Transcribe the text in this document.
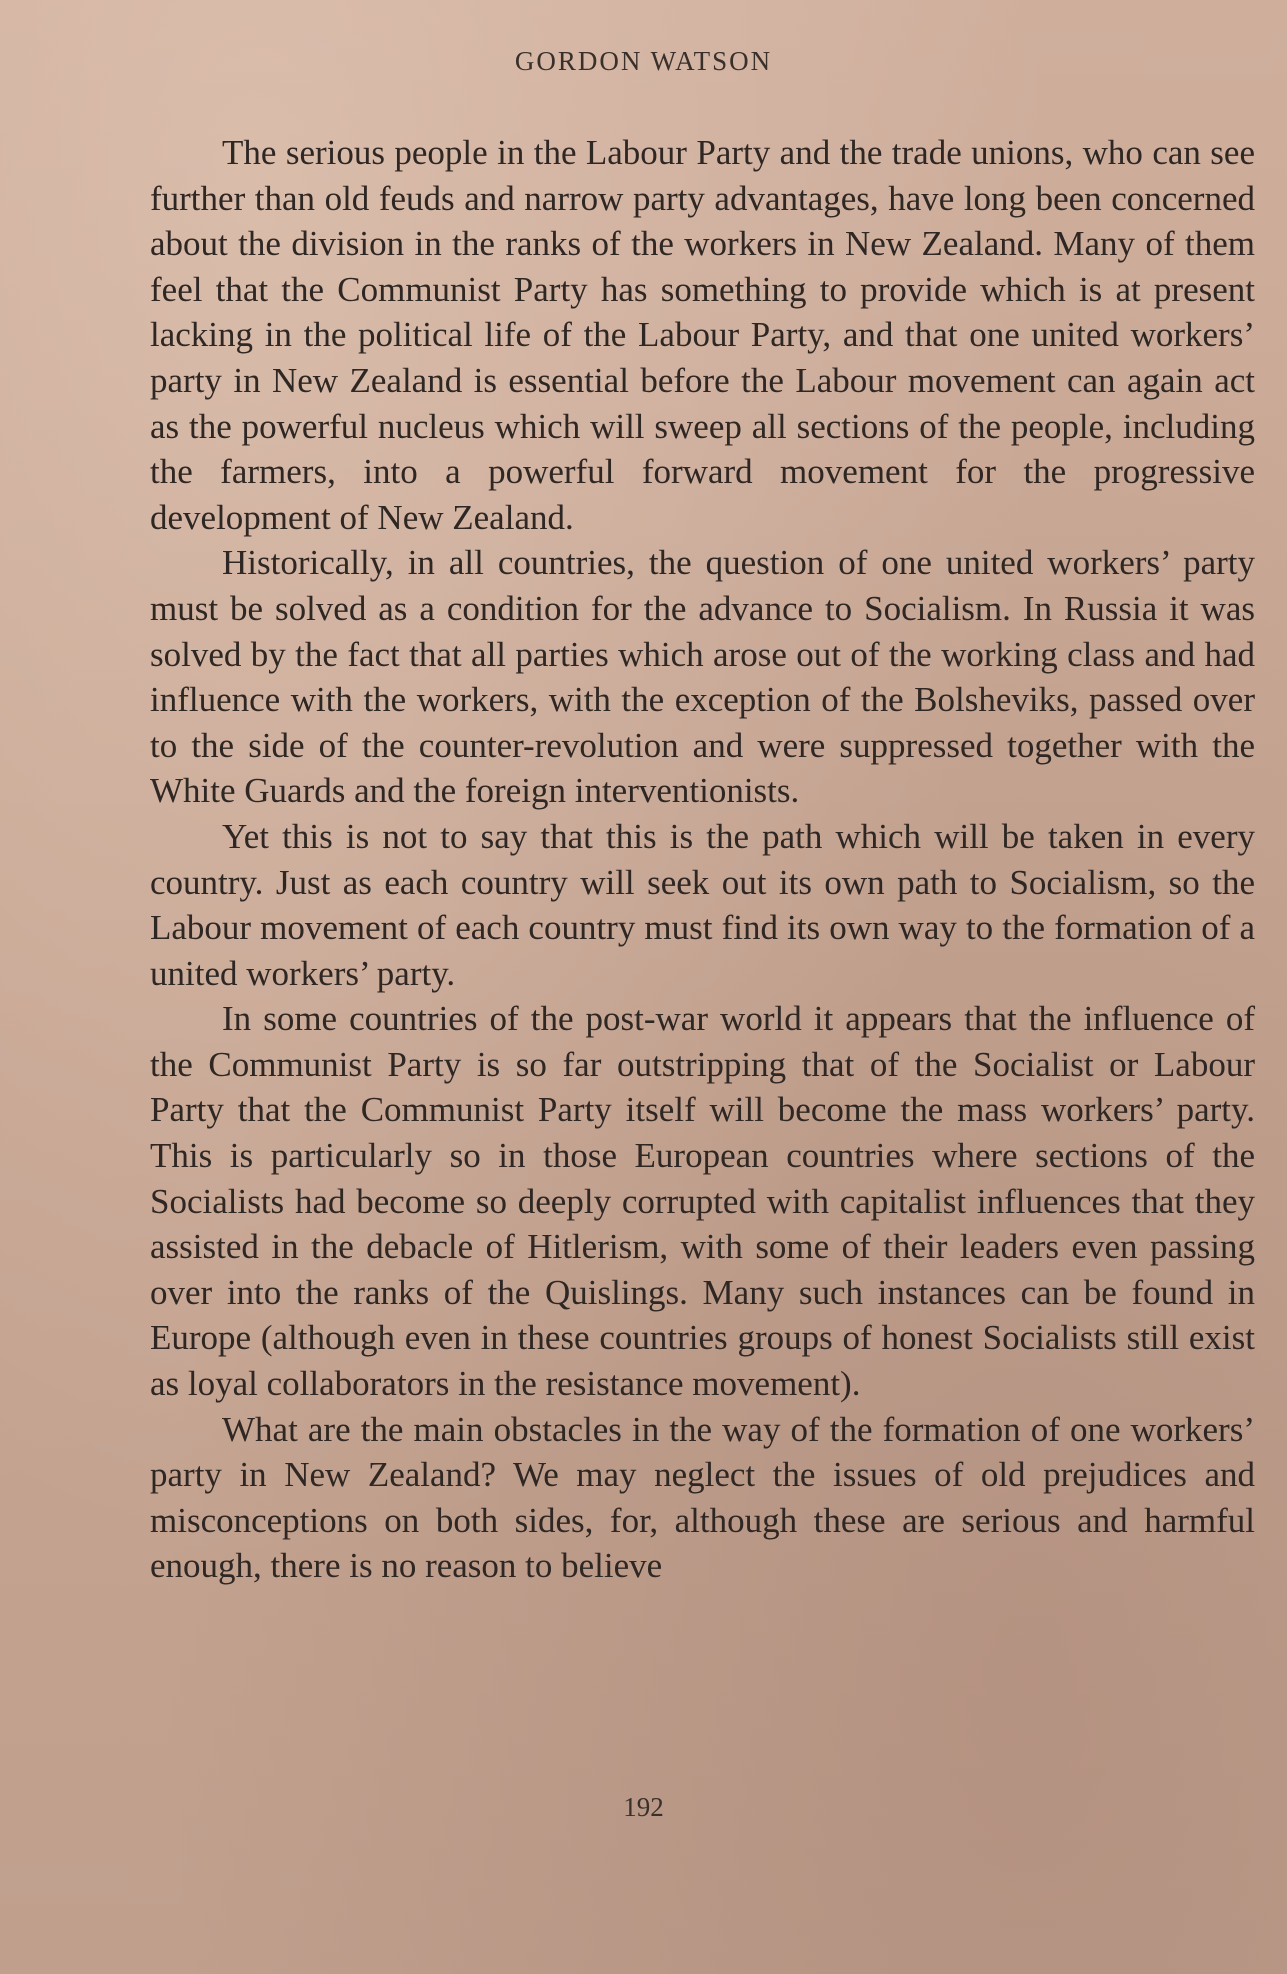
GORDON WATSON

The serious people in the Labour Party and the trade unions, who can see further than old feuds and narrow party advantages, have long been concerned about the division in the ranks of the workers in New Zealand. Many of them feel that the Communist Party has something to provide which is at present lacking in the political life of the Labour Party, and that one united workers’ party in New Zealand is essential before the Labour movement can again act as the powerful nucleus which will sweep all sections of the people, including the farmers, into a powerful forward movement for the progressive development of New Zealand.

Historically, in all countries, the question of one united workers’ party must be solved as a condition for the advance to Socialism. In Russia it was solved by the fact that all parties which arose out of the working class and had influence with the workers, with the exception of the Bolsheviks, passed over to the side of the counter-revolution and were suppressed together with the White Guards and the foreign interventionists.

Yet this is not to say that this is the path which will be taken in every country. Just as each country will seek out its own path to Socialism, so the Labour movement of each country must find its own way to the formation of a united workers’ party.

In some countries of the post-war world it appears that the influence of the Communist Party is so far outstripping that of the Socialist or Labour Party that the Communist Party itself will become the mass workers’ party. This is particularly so in those European countries where sections of the Socialists had become so deeply corrupted with capitalist influences that they assisted in the debacle of Hitlerism, with some of their leaders even passing over into the ranks of the Quislings. Many such instances can be found in Europe (although even in these countries groups of honest Socialists still exist as loyal collaborators in the resistance movement).

What are the main obstacles in the way of the formation of one workers’ party in New Zealand? We may neglect the issues of old prejudices and misconceptions on both sides, for, although these are serious and harmful enough, there is no reason to believe

192
